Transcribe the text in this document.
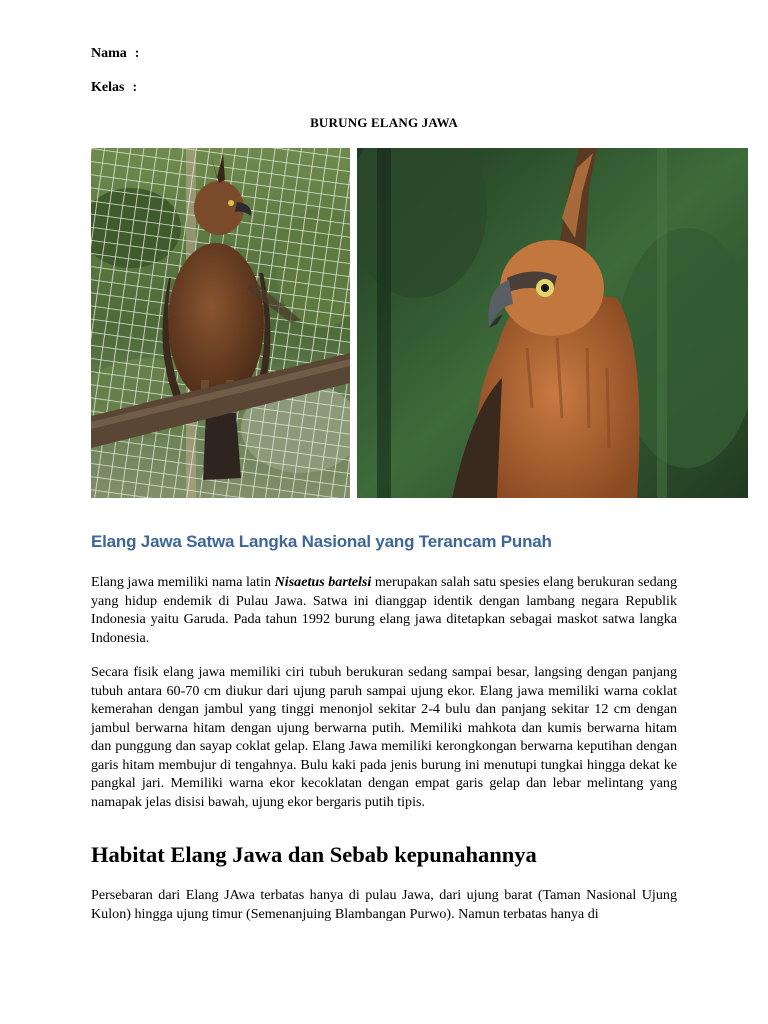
Nama :
Kelas :
BURUNG ELANG JAWA
Elang Jawa Satwa Langka Nasional yang Terancam Punah

Elang jawa memiliki nama latin Nisaetus bartelsi merupakan salah satu spesies elang berukuran sedang yang hidup endemik di Pulau Jawa. Satwa ini dianggap identik dengan lambang negara Republik Indonesia yaitu Garuda. Pada tahun 1992 burung elang jawa ditetapkan sebagai maskot satwa langka Indonesia.

Secara fisik elang jawa memiliki ciri tubuh berukuran sedang sampai besar, langsing dengan panjang tubuh antara 60-70 cm diukur dari ujung paruh sampai ujung ekor. Elang jawa memiliki warna coklat kemerahan dengan jambul yang tinggi menonjol sekitar 2-4 bulu dan panjang sekitar 12 cm dengan jambul berwarna hitam dengan ujung berwarna putih. Memiliki mahkota dan kumis berwarna hitam dan punggung dan sayap coklat gelap. Elang Jawa memiliki kerongkongan berwarna keputihan dengan garis hitam membujur di tengahnya. Bulu kaki pada jenis burung ini menutupi tungkai hingga dekat ke pangkal jari. Memiliki warna ekor kecoklatan dengan empat garis gelap dan lebar melintang yang namapak jelas disisi bawah, ujung ekor bergaris putih tipis.

Habitat Elang Jawa dan Sebab kepunahannya

Persebaran dari Elang JAwa terbatas hanya di pulau Jawa, dari ujung barat (Taman Nasional Ujung Kulon) hingga ujung timur (Semenanjuing Blambangan Purwo). Namun terbatas hanya di
